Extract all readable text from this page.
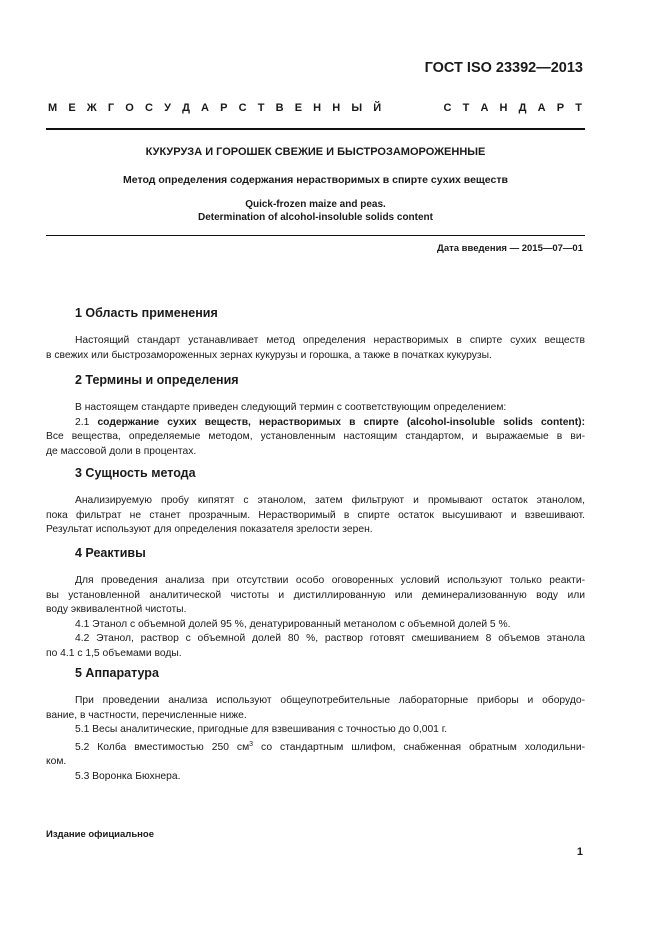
ГОСТ ISO 23392—2013
М Е Ж Г О С У Д А Р С Т В Е Н Н Ы Й	С Т А Н Д А Р Т
КУКУРУЗА И ГОРОШЕК СВЕЖИЕ И БЫСТРОЗАМОРОЖЕННЫЕ
Метод определения содержания нерастворимых в спирте сухих веществ
Quick-frozen maize and peas.
Determination of alcohol-insoluble solids content
Дата введения — 2015—07—01
1 Область применения
Настоящий стандарт устанавливает метод определения нерастворимых в спирте сухих веществ
в свежих или быстрозамороженных зернах кукурузы и горошка, а также в початках кукурузы.
2 Термины и определения
В настоящем стандарте приведен следующий термин с соответствующим определением:
2.1 содержание сухих веществ, нерастворимых в спирте (alcohol-insoluble solids content):
Все вещества, определяемые методом, установленным настоящим стандартом, и выражаемые в ви-
де массовой доли в процентах.
3 Сущность метода
Анализируемую пробу кипятят с этанолом, затем фильтруют и промывают остаток этанолом,
пока фильтрат не станет прозрачным. Нерастворимый в спирте остаток высушивают и взвешивают.
Результат используют для определения показателя зрелости зерен.
4 Реактивы
Для проведения анализа при отсутствии особо оговоренных условий используют только реакти-
вы установленной аналитической чистоты и дистиллированную или деминерализованную воду или
воду эквивалентной чистоты.
4.1 Этанол с объемной долей 95 %, денатурированный метанолом с объемной долей 5 %.
4.2 Этанол, раствор с объемной долей 80 %, раствор готовят смешиванием 8 объемов этанола
по 4.1 с 1,5 объемами воды.
5 Аппаратура
При проведении анализа используют общеупотребительные лабораторные приборы и оборудо-
вание, в частности, перечисленные ниже.
5.1 Весы аналитические, пригодные для взвешивания с точностью до 0,001 г.
5.2 Колба вместимостью 250 $см^3$ со стандартным шлифом, снабженная обратным холодильни-
ком.
5.3 Воронка Бюхнера.
Издание официальное
1
